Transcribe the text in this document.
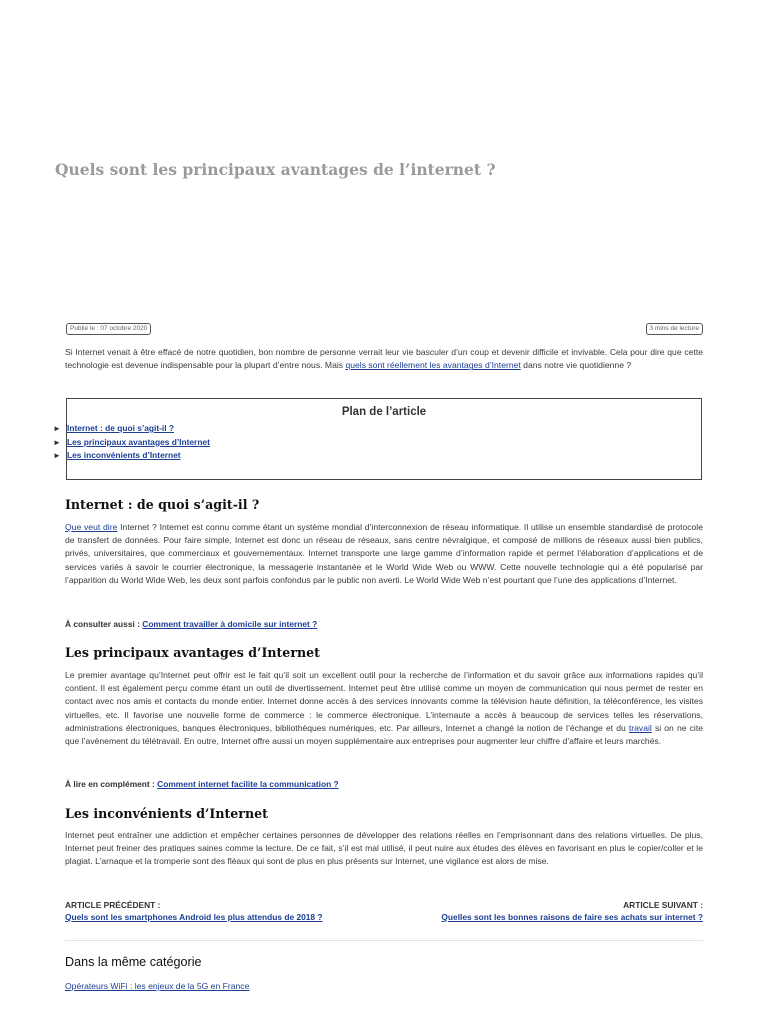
Quels sont les principaux avantages de l’internet ?
Publié le : 07 octobre 2020	3 mins de lecture

Si Internet venait à être effacé de notre quotidien, bon nombre de personne verrait leur vie basculer d’un coup et devenir difficile et invivable. Cela pour dire que cette technologie est devenue indispensable pour la plupart d’entre nous. Mais quels sont réellement les avantages d’Internet dans notre vie quotidienne ?

Plan de l’article
► Internet : de quoi s’agit-il ?
► Les principaux avantages d’Internet
► Les inconvénients d’Internet
Internet : de quoi s’agit-il ?

Que veut dire Internet ? Internet est connu comme étant un système mondial d’interconnexion de réseau informatique. Il utilise un ensemble standardisé de protocole de transfert de données. Pour faire simple, Internet est donc un réseau de réseaux, sans centre névralgique, et composé de millions de réseaux aussi bien publics, privés, universitaires, que commerciaux et gouvernementaux. Internet transporte une large gamme d’information rapide et permet l’élaboration d’applications et de services variés à savoir le courrier électronique, la messagerie instantanée et le World Wide Web ou WWW. Cette nouvelle technologie qui a été popularisé par l’apparition du World Wide Web, les deux sont parfois confondus par le public non averti. Le World Wide Web n’est pourtant que l’une des applications d’Internet.

À consulter aussi : Comment travailler à domicile sur internet ?
Les principaux avantages d’Internet

Le premier avantage qu’Internet peut offrir est le fait qu’il soit un excellent outil pour la recherche de l’information et du savoir grâce aux informations rapides qu’il contient. Il est également perçu comme étant un outil de divertissement. Internet peut être utilisé comme un moyen de communication qui nous permet de rester en contact avec nos amis et contacts du monde entier. Internet donne accès à des services innovants comme la télévision haute définition, la téléconférence, les visites virtuelles, etc. Il favorise une nouvelle forme de commerce : le commerce électronique. L’internaute a accès à beaucoup de services telles les réservations, administrations électroniques, banques électroniques, bibliothèques numériques, etc. Par ailleurs, Internet a changé la notion de l’échange et du travail si on ne cite que l’avènement du télétravail. En outre, Internet offre aussi un moyen supplémentaire aux entreprises pour augmenter leur chiffre d’affaire et leurs marchés.

À lire en complément : Comment internet facilite la communication ?
Les inconvénients d’Internet

Internet peut entraîner une addiction et empêcher certaines personnes de développer des relations réelles en l’emprisonnant dans des relations virtuelles. De plus, Internet peut freiner des pratiques saines comme la lecture. De ce fait, s’il est mal utilisé, il peut nuire aux études des élèves en favorisant en plus le copier/coller et le plagiat. L’arnaque et la tromperie sont des fléaux qui sont de plus en plus présents sur Internet, une vigilance est alors de mise.

ARTICLE PRÉCÉDENT :
Quels sont les smartphones Android les plus attendus de 2018 ?
ARTICLE SUIVANT :
Quelles sont les bonnes raisons de faire ses achats sur internet ?
Dans la même catégorie
Opérateurs WiFi : les enjeux de la 5G en France
